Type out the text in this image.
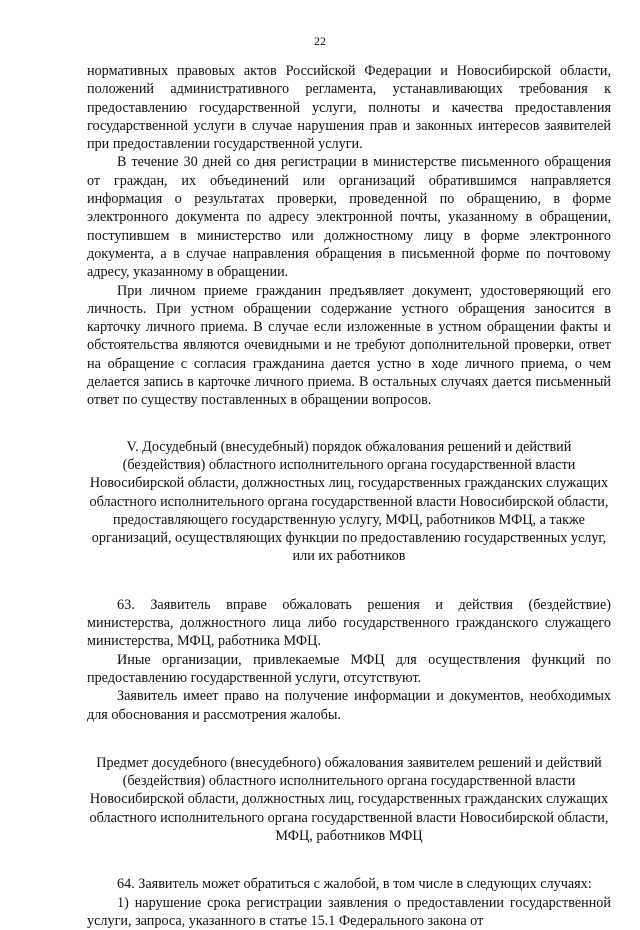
22

нормативных правовых актов Российской Федерации и Новосибирской области, положений административного регламента, устанавливающих требования к предоставлению государственной услуги, полноты и качества предоставления государственной услуги в случае нарушения прав и законных интересов заявителей при предоставлении государственной услуги.

В течение 30 дней со дня регистрации в министерстве письменного обращения от граждан, их объединений или организаций обратившимся направляется информация о результатах проверки, проведенной по обращению, в форме электронного документа по адресу электронной почты, указанному в обращении, поступившем в министерство или должностному лицу в форме электронного документа, а в случае направления обращения в письменной форме по почтовому адресу, указанному в обращении.

При личном приеме гражданин предъявляет документ, удостоверяющий его личность. При устном обращении содержание устного обращения заносится в карточку личного приема. В случае если изложенные в устном обращении факты и обстоятельства являются очевидными и не требуют дополнительной проверки, ответ на обращение с согласия гражданина дается устно в ходе личного приема, о чем делается запись в карточке личного приема. В остальных случаях дается письменный ответ по существу поставленных в обращении вопросов.

V. Досудебный (внесудебный) порядок обжалования решений и действий (бездействия) областного исполнительного органа государственной власти Новосибирской области, должностных лиц, государственных гражданских служащих областного исполнительного органа государственной власти Новосибирской области, предоставляющего государственную услугу, МФЦ, работников МФЦ, а также организаций, осуществляющих функции по предоставлению государственных услуг, или их работников

63. Заявитель вправе обжаловать решения и действия (бездействие) министерства, должностного лица либо государственного гражданского служащего министерства, МФЦ, работника МФЦ.

Иные организации, привлекаемые МФЦ для осуществления функций по предоставлению государственной услуги, отсутствуют.

Заявитель имеет право на получение информации и документов, необходимых для обоснования и рассмотрения жалобы.

Предмет досудебного (внесудебного) обжалования заявителем решений и действий (бездействия) областного исполнительного органа государственной власти Новосибирской области, должностных лиц, государственных гражданских служащих областного исполнительного органа государственной власти Новосибирской области, МФЦ, работников МФЦ

64. Заявитель может обратиться с жалобой, в том числе в следующих случаях:

1) нарушение срока регистрации заявления о предоставлении государственной услуги, запроса, указанного в статье 15.1 Федерального закона от
